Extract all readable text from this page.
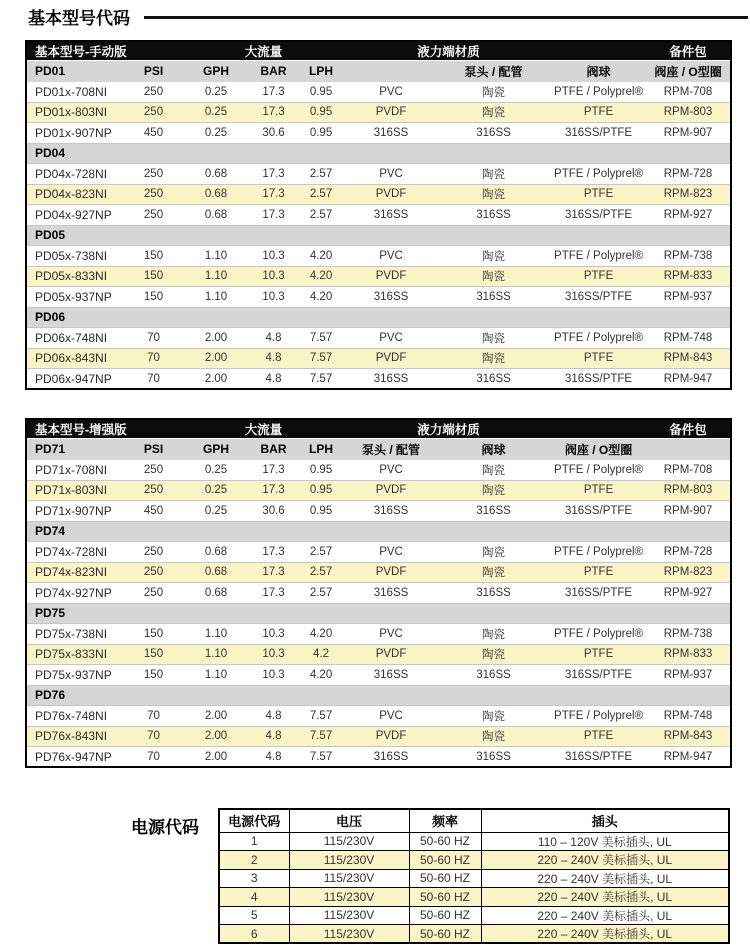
基本型号代码
基本型号-手动版		大流量			液力端材质			备件包
PD01	PSI	GPH	BAR	LPH		泵头 / 配管	阀球	阀座 / O型圈
PD01x-708NI	250	0.25	17.3	0.95	PVC	陶瓷	PTFE / Polyprel®	RPM-708
PD01x-803NI	250	0.25	17.3	0.95	PVDF	陶瓷	PTFE	RPM-803
PD01x-907NP	450	0.25	30.6	0.95	316SS	316SS	316SS/PTFE	RPM-907
PD04								
PD04x-728NI	250	0.68	17.3	2.57	PVC	陶瓷	PTFE / Polyprel®	RPM-728
PD04x-823NI	250	0.68	17.3	2.57	PVDF	陶瓷	PTFE	RPM-823
PD04x-927NP	250	0.68	17.3	2.57	316SS	316SS	316SS/PTFE	RPM-927
PD05								
PD05x-738NI	150	1.10	10.3	4.20	PVC	陶瓷	PTFE / Polyprel®	RPM-738
PD05x-833NI	150	1.10	10.3	4.20	PVDF	陶瓷	PTFE	RPM-833
PD05x-937NP	150	1.10	10.3	4.20	316SS	316SS	316SS/PTFE	RPM-937
PD06								
PD06x-748NI	70	2.00	4.8	7.57	PVC	陶瓷	PTFE / Polyprel®	RPM-748
PD06x-843NI	70	2.00	4.8	7.57	PVDF	陶瓷	PTFE	RPM-843
PD06x-947NP	70	2.00	4.8	7.57	316SS	316SS	316SS/PTFE	RPM-947
基本型号-增强版		大流量			液力端材质			备件包
PD71	PSI	GPH	BAR	LPH	泵头 / 配管	阀球	阀座 / O型圈	
PD71x-708NI	250	0.25	17.3	0.95	PVC	陶瓷	PTFE / Polyprel®	RPM-708
PD71x-803NI	250	0.25	17.3	0.95	PVDF	陶瓷	PTFE	RPM-803
PD71x-907NP	450	0.25	30.6	0.95	316SS	316SS	316SS/PTFE	RPM-907
PD74								
PD74x-728NI	250	0.68	17.3	2.57	PVC	陶瓷	PTFE / Polyprel®	RPM-728
PD74x-823NI	250	0.68	17.3	2.57	PVDF	陶瓷	PTFE	RPM-823
PD74x-927NP	250	0.68	17.3	2.57	316SS	316SS	316SS/PTFE	RPM-927
PD75								
PD75x-738NI	150	1.10	10.3	4.20	PVC	陶瓷	PTFE / Polyprel®	RPM-738
PD75x-833NI	150	1.10	10.3	4.2	PVDF	陶瓷	PTFE	RPM-833
PD75x-937NP	150	1.10	10.3	4.20	316SS	316SS	316SS/PTFE	RPM-937
PD76								
PD76x-748NI	70	2.00	4.8	7.57	PVC	陶瓷	PTFE / Polyprel®	RPM-748
PD76x-843NI	70	2.00	4.8	7.57	PVDF	陶瓷	PTFE	RPM-843
PD76x-947NP	70	2.00	4.8	7.57	316SS	316SS	316SS/PTFE	RPM-947
电源代码 电源代码	电压	频率	插头
1	115/230V	50-60 HZ	110 – 120V 美标插头, UL
2	115/230V	50-60 HZ	220 – 240V 美标插头, UL
3	115/230V	50-60 HZ	220 – 240V 美标插头, UL
4	115/230V	50-60 HZ	220 – 240V 美标插头, UL
5	115/230V	50-60 HZ	220 – 240V 美标插头, UL
6	115/230V	50-60 HZ	220 – 240V 美标插头, UL
